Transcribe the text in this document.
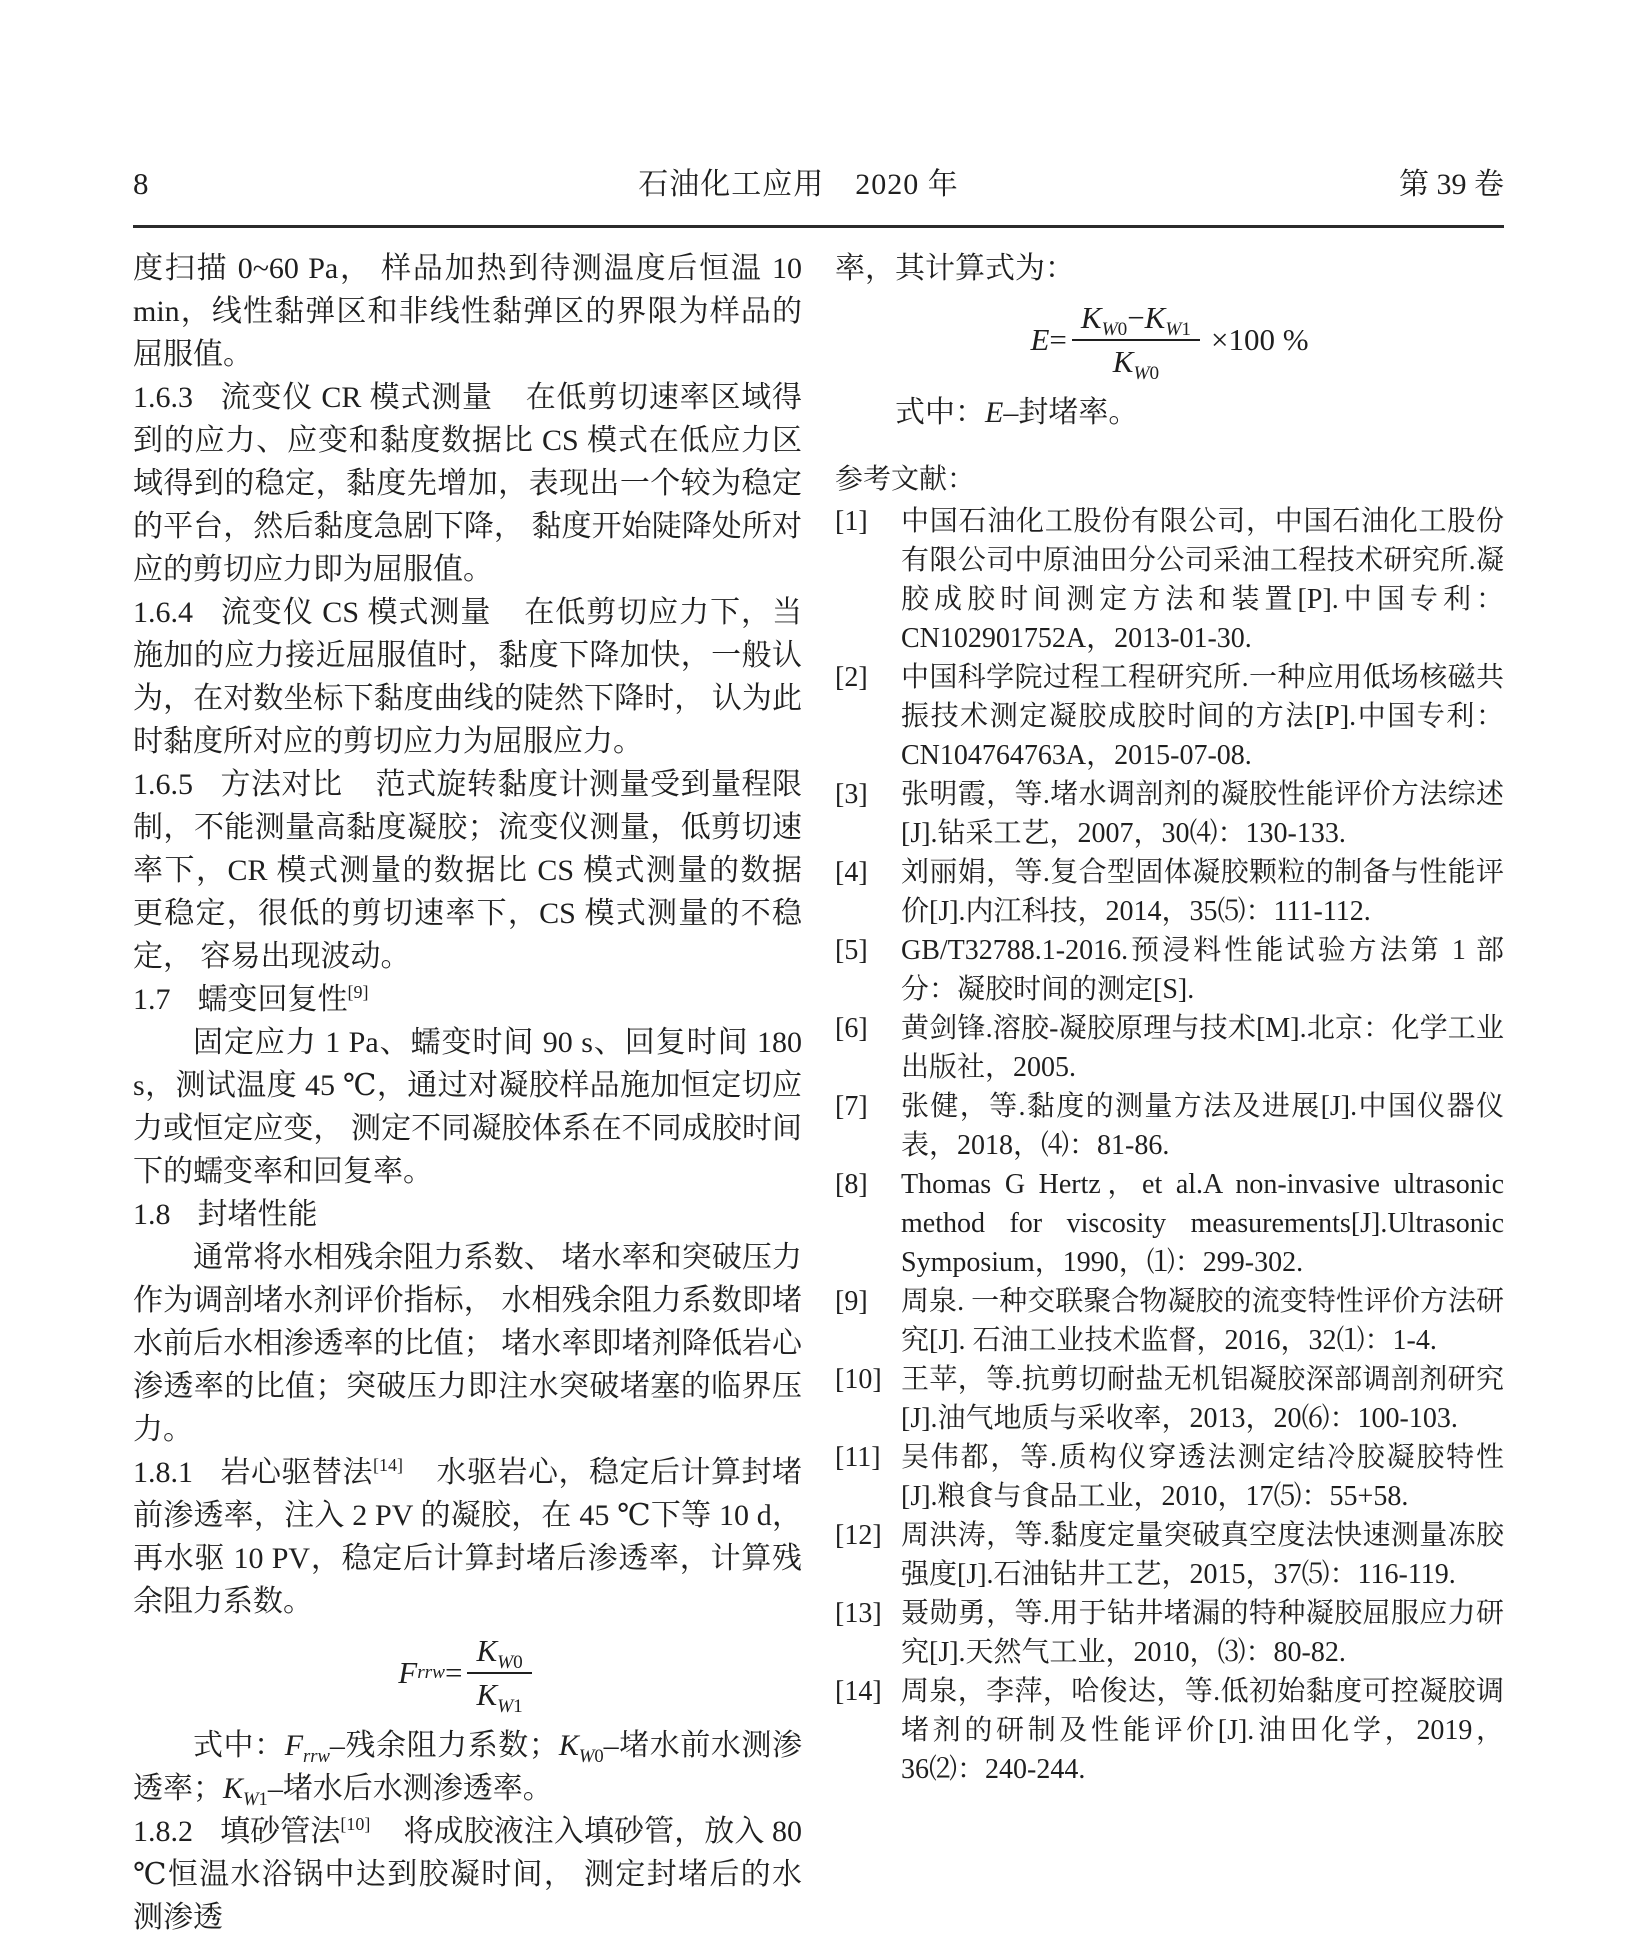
8	石油化工应用　2020 年	第 39 卷

度扫描 0~60 Pa， 样品加热到待测温度后恒温 10 min，线性黏弹区和非线性黏弹区的界限为样品的屈服值。

1.6.3 流变仪 CR 模式测量 在低剪切速率区域得到的应力、应变和黏度数据比 CS 模式在低应力区域得到的稳定，黏度先增加，表现出一个较为稳定的平台，然后黏度急剧下降， 黏度开始陡降处所对应的剪切应力即为屈服值。

1.6.4 流变仪 CS 模式测量 在低剪切应力下，当施加的应力接近屈服值时，黏度下降加快，一般认为，在对数坐标下黏度曲线的陡然下降时， 认为此时黏度所对应的剪切应力为屈服应力。

1.6.5 方法对比 范式旋转黏度计测量受到量程限制，不能测量高黏度凝胶；流变仪测量，低剪切速率下，CR 模式测量的数据比 CS 模式测量的数据更稳定，很低的剪切速率下，CS 模式测量的不稳定， 容易出现波动。

1.7 蠕变回复性[9]

固定应力 1 Pa、蠕变时间 90 s、回复时间 180 s，测试温度 45 ℃，通过对凝胶样品施加恒定切应力或恒定应变， 测定不同凝胶体系在不同成胶时间下的蠕变率和回复率。

1.8 封堵性能

通常将水相残余阻力系数、 堵水率和突破压力作为调剖堵水剂评价指标， 水相残余阻力系数即堵水前后水相渗透率的比值； 堵水率即堵剂降低岩心渗透率的比值；突破压力即注水突破堵塞的临界压力。

1.8.1 岩心驱替法[14] 水驱岩心，稳定后计算封堵前渗透率，注入 2 PV 的凝胶，在 45 ℃下等 10 d，再水驱 10 PV，稳定后计算封堵后渗透率，计算残余阻力系数。

F rrw = $\frac{K_{W0}}{K_{W1}}$

式中：$F_{rrw}-$残余阻力系数；$K_{W0}-$堵水前水测渗透率；$K_{W1}-$堵水后水测渗透率。

1.8.2 填砂管法[10] 将成胶液注入填砂管，放入 80 ℃恒温水浴锅中达到胶凝时间， 测定封堵后的水测渗透

率，其计算式为：

$E = \frac{K_{W0}-K_{W1}}{K_{W0}} \times 100$ %

式中：E–封堵率。

参考文献：

[1]	中国石油化工股份有限公司，中国石油化工股份有限公司中原油田分公司采油工程技术研究所.凝胶成胶时间测定方法和装置[P].中国专利：CN102901752A，2013-01-30.

[2]	中国科学院过程工程研究所.一种应用低场核磁共振技术测定凝胶成胶时间的方法[P].中国专利：CN104764763A，2015-07-08.

[3]	张明霞，等.堵水调剖剂的凝胶性能评价方法综述[J].钻采工艺，2007，30⑷：130-133.

[4]	刘丽娟，等.复合型固体凝胶颗粒的制备与性能评价[J].内江科技，2014，35⑸：111-112.

[5]	GB/T32788.1-2016.预浸料性能试验方法第 1 部分：凝胶时间的测定[S].

[6]	黄剑锋.溶胶-凝胶原理与技术[M].北京：化学工业出版社，2005.

[7]	张健，等.黏度的测量方法及进展[J].中国仪器仪表，2018，⑷：81-86.

[8]	Thomas G Hertz，et al.A non-invasive ultrasonic method for viscosity measurements[J].Ultrasonic Symposium，1990，⑴：299-302.

[9]	周泉. 一种交联聚合物凝胶的流变特性评价方法研究[J]. 石油工业技术监督，2016，32⑴：1-4.

[10] 王苹，等.抗剪切耐盐无机铝凝胶深部调剖剂研究[J].油气地质与采收率，2013，20⑹：100-103.

[11] 吴伟都，等.质构仪穿透法测定结冷胶凝胶特性[J].粮食与食品工业，2010，17⑸：55+58.

[12] 周洪涛，等.黏度定量突破真空度法快速测量冻胶强度[J].石油钻井工艺，2015，37⑸：116-119.

[13] 聂勋勇，等.用于钻井堵漏的特种凝胶屈服应力研究[J].天然气工业，2010，⑶：80-82.

[14] 周泉，李萍，哈俊达，等.低初始黏度可控凝胶调堵剂的研制及性能评价[J].油田化学，2019，36⑵：240-244.
